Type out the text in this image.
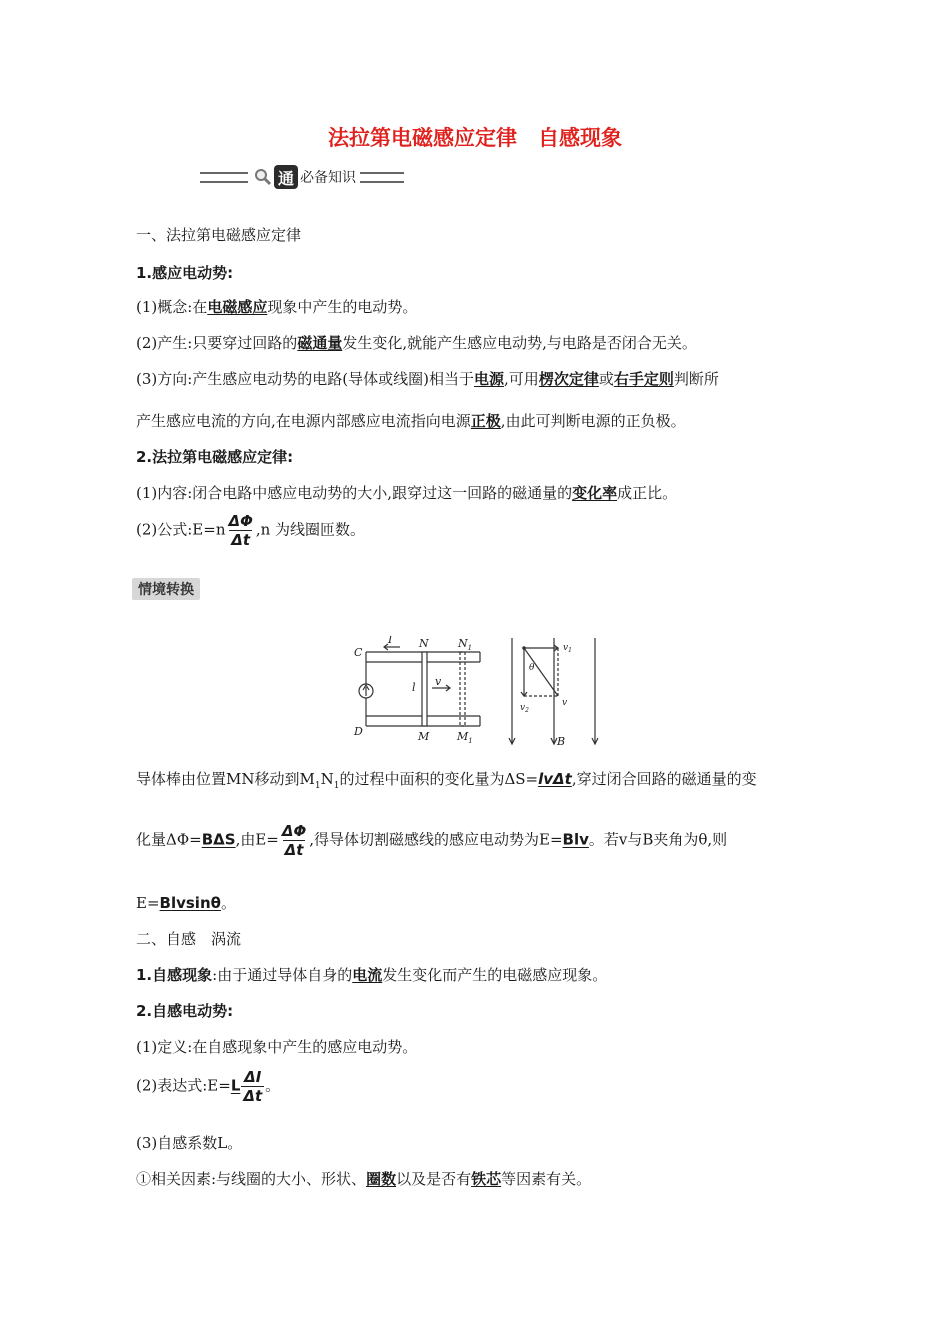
法拉第电磁感应定律　自感现象
通 必备知识
一、法拉第电磁感应定律
1.感应电动势:
(1)概念:在电磁感应现象中产生的电动势。
(2)产生:只要穿过回路的磁通量发生变化,就能产生感应电动势,与电路是否闭合无关。
(3)方向:产生感应电动势的电路(导体或线圈)相当于电源,可用楞次定律或右手定则判断所
产生感应电流的方向,在电源内部感应电流指向电源正极,由此可判断电源的正负极。
2.法拉第电磁感应定律:
(1)内容:闭合电路中感应电动势的大小,跟穿过这一回路的磁通量的变化率成正比。
(2)公式:E=n $\frac{\Delta\Phi}{\Delta t} ,n$ 为线圈匝数。
情境转换
C
D
I N
M
l v
$N_1$
$M_1$
$v_1$
$v_2$
θ
v
B
导体棒由位置MN移动到$M_1N_1$的过程中面积的变化量为ΔS=lvΔt,穿过闭合回路的磁通量的变
化量ΔΦ=BΔS,由$E= \frac{\Delta\Phi}{\Delta t}$ ,得导体切割磁感线的感应电动势为E=Blv。若v与B夹角为θ,则
E=Blvsinθ。
二、自感　涡流
1.自感现象:由于通过导体自身的电流发生变化而产生的电磁感应现象。
2.自感电动势:
(1)定义:在自感现象中产生的感应电动势。
(2)表达式:E=L $\frac{\Delta I}{\Delta t}$ 。
(3)自感系数L。
①相关因素:与线圈的大小、形状、圈数以及是否有铁芯等因素有关。
